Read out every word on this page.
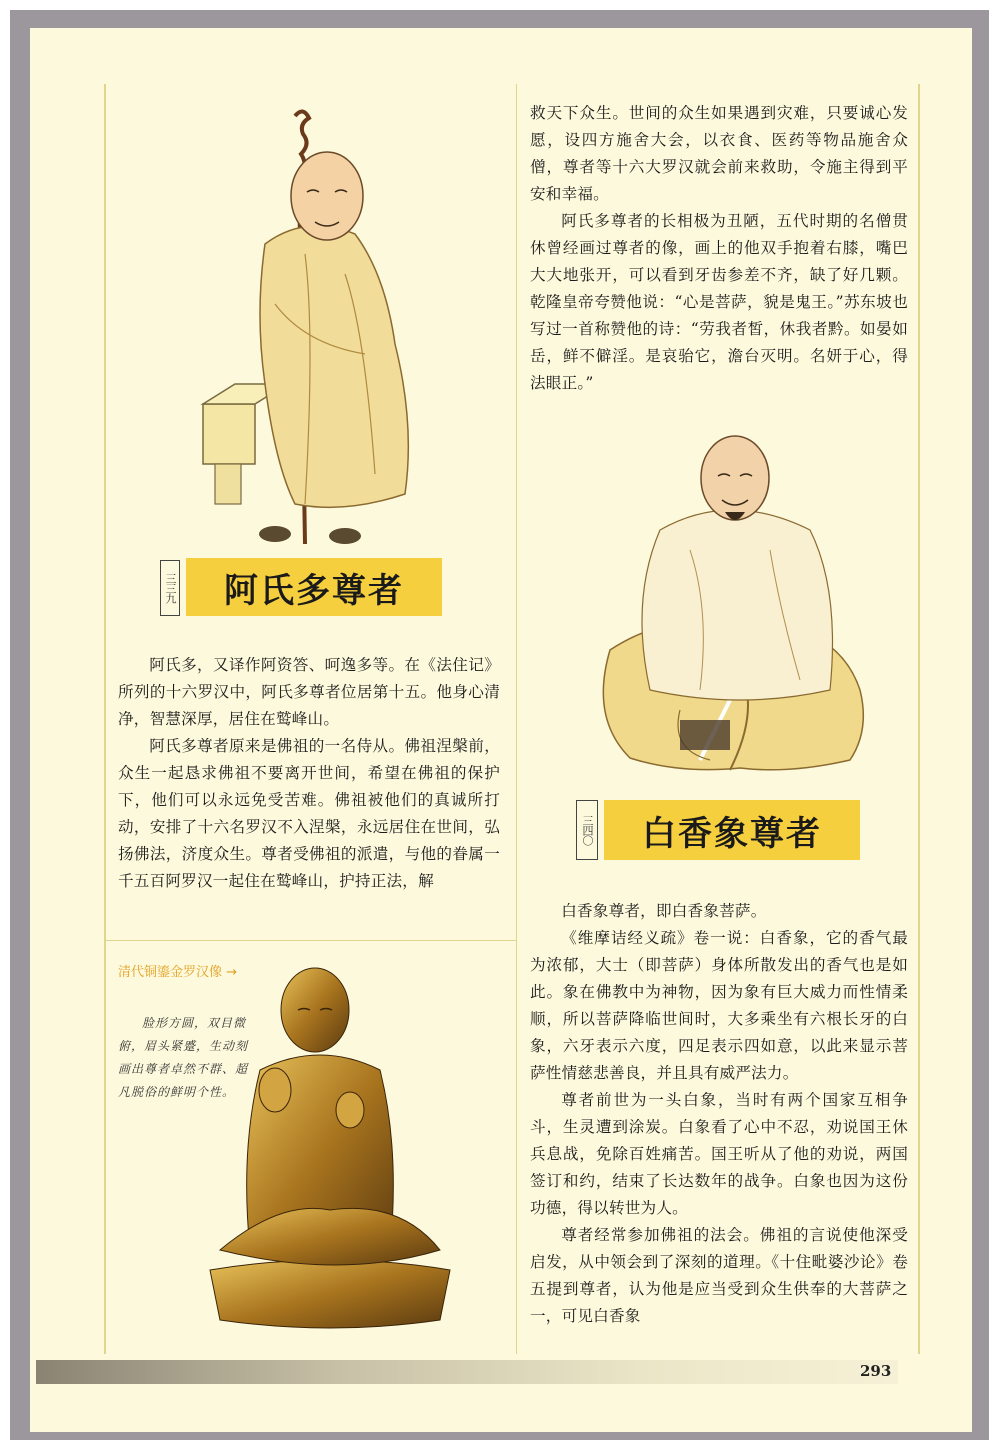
三三九 阿氏多尊者

阿氏多，又译作阿资答、呵逸多等。在《法住记》所列的十六罗汉中，阿氏多尊者位居第十五。他身心清净，智慧深厚，居住在鹫峰山。

阿氏多尊者原来是佛祖的一名侍从。佛祖涅槃前，众生一起恳求佛祖不要离开世间，希望在佛祖的保护下，他们可以永远免受苦难。佛祖被他们的真诚所打动，安排了十六名罗汉不入涅槃，永远居住在世间，弘扬佛法，济度众生。尊者受佛祖的派遣，与他的眷属一千五百阿罗汉一起住在鹫峰山，护持正法，解

清代铜鎏金罗汉像 →
脸形方圆，双目微俯，眉头紧蹙，生动刻画出尊者卓然不群、超凡脱俗的鲜明个性。

救天下众生。世间的众生如果遇到灾难，只要诚心发愿，设四方施舍大会，以衣食、医药等物品施舍众僧，尊者等十六大罗汉就会前来救助，令施主得到平安和幸福。

阿氏多尊者的长相极为丑陋，五代时期的名僧贯休曾经画过尊者的像，画上的他双手抱着右膝，嘴巴大大地张开，可以看到牙齿参差不齐，缺了好几颗。乾隆皇帝夸赞他说：“心是菩萨，貌是鬼王。”苏东坡也写过一首称赞他的诗：“劳我者皙，休我者黔。如晏如岳，鲜不僻淫。是哀骀它，澹台灭明。名妍于心，得法眼正。”

三四〇 白香象尊者

白香象尊者，即白香象菩萨。

《维摩诘经义疏》卷一说：白香象，它的香气最为浓郁，大士（即菩萨）身体所散发出的香气也是如此。象在佛教中为神物，因为象有巨大威力而性情柔顺，所以菩萨降临世间时，大多乘坐有六根长牙的白象，六牙表示六度，四足表示四如意，以此来显示菩萨性情慈悲善良，并且具有威严法力。

尊者前世为一头白象，当时有两个国家互相争斗，生灵遭到涂炭。白象看了心中不忍，劝说国王休兵息战，免除百姓痛苦。国王听从了他的劝说，两国签订和约，结束了长达数年的战争。白象也因为这份功德，得以转世为人。

尊者经常参加佛祖的法会。佛祖的言说使他深受启发，从中领会到了深刻的道理。《十住毗婆沙论》卷五提到尊者，认为他是应当受到众生供奉的大菩萨之一，可见白香象

293
